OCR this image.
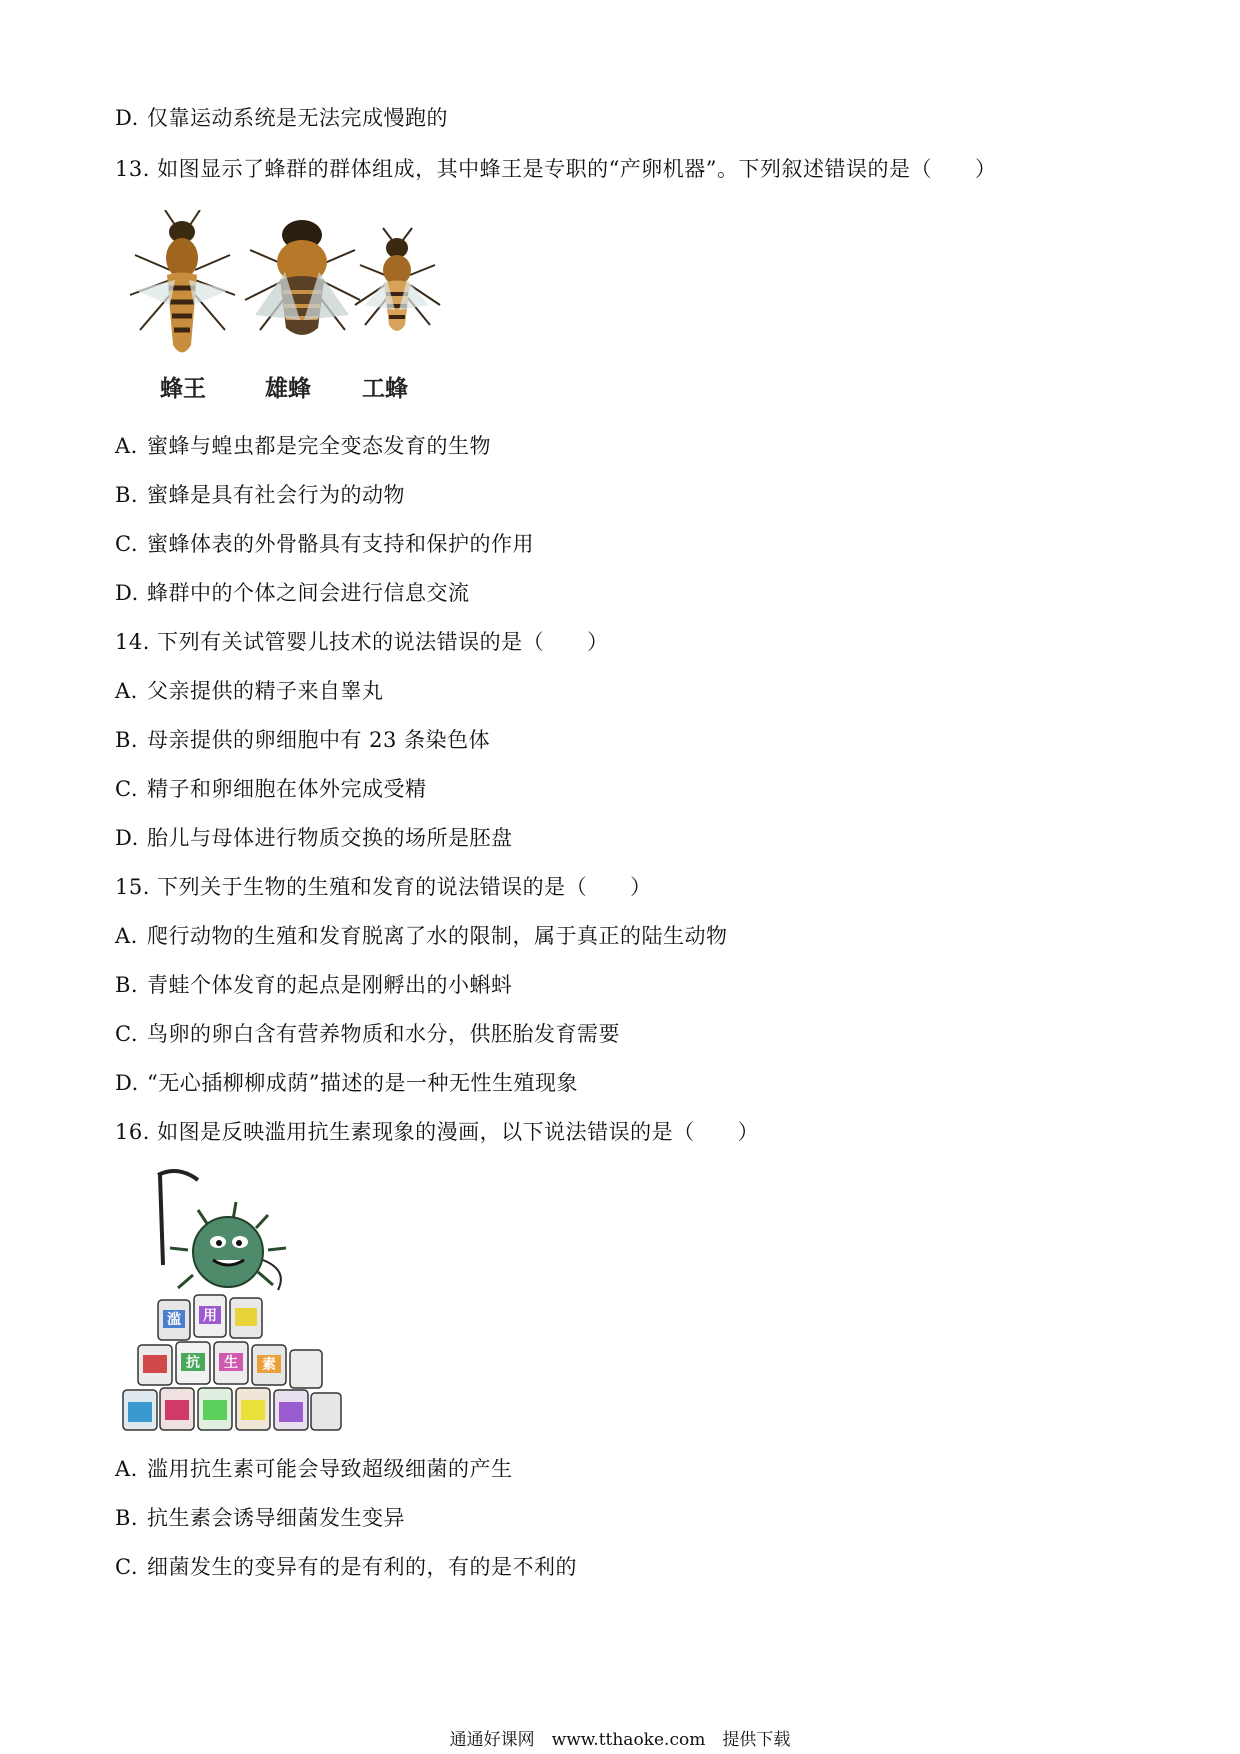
D. 仅靠运动系统是无法完成慢跑的
13. 如图显示了蜂群的群体组成，其中蜂王是专职的“产卵机器”。下列叙述错误的是（　　）
蜂王	雄蜂 工蜂
A. 蜜蜂与蝗虫都是完全变态发育的生物
B. 蜜蜂是具有社会行为的动物
C. 蜜蜂体表的外骨骼具有支持和保护的作用
D. 蜂群中的个体之间会进行信息交流
14. 下列有关试管婴儿技术的说法错误的是（　　）
A. 父亲提供的精子来自睾丸
B. 母亲提供的卵细胞中有 23 条染色体
C. 精子和卵细胞在体外完成受精
D. 胎儿与母体进行物质交换的场所是胚盘
15. 下列关于生物的生殖和发育的说法错误的是（　　）
A. 爬行动物的生殖和发育脱离了水的限制，属于真正的陆生动物
B. 青蛙个体发育的起点是刚孵出的小蝌蚪
C. 鸟卵的卵白含有营养物质和水分，供胚胎发育需要
D. “无心插柳柳成荫”描述的是一种无性生殖现象
16. 如图是反映滥用抗生素现象的漫画，以下说法错误的是（　　）
滥 用
抗 生 素
A. 滥用抗生素可能会导致超级细菌的产生
B. 抗生素会诱导细菌发生变异
C. 细菌发生的变异有的是有利的，有的是不利的
通通好课网　www.tthaoke.com　提供下载
